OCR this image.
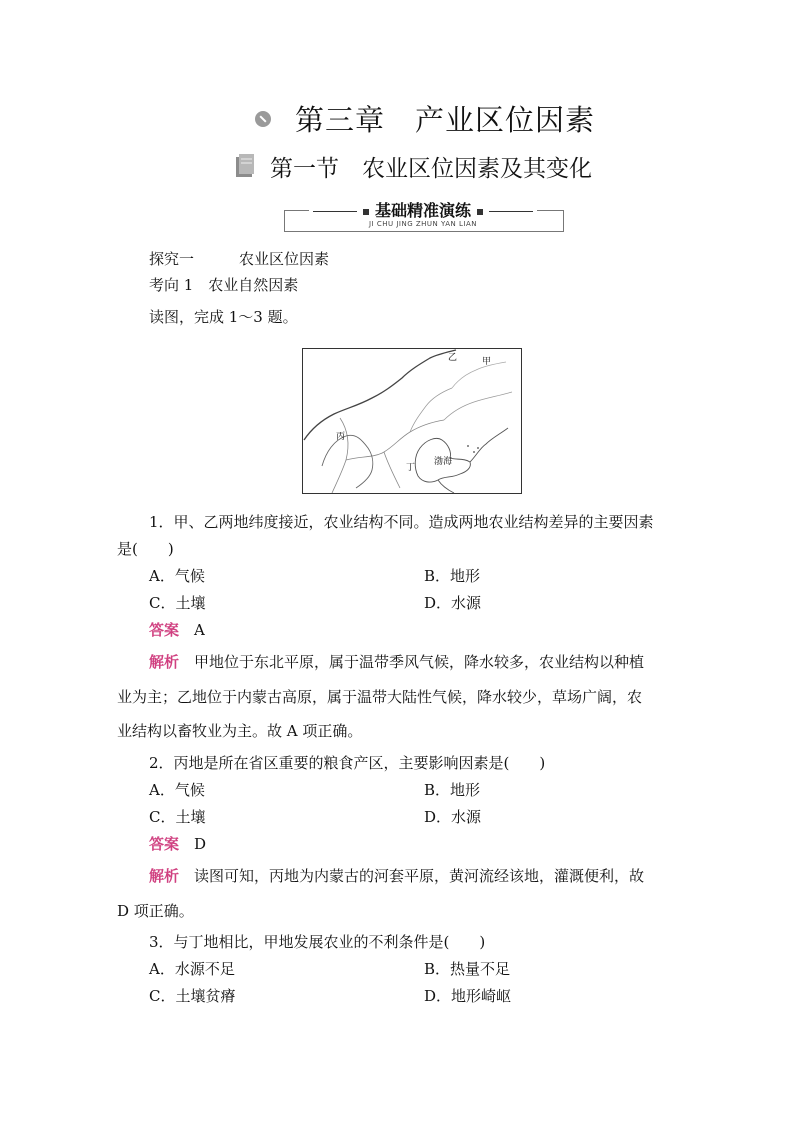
第三章　产业区位因素
第一节　农业区位因素及其变化
基础精准演练
JI CHU JING ZHUN YAN LIAN
探究一　　　农业区位因素
考向 1　农业自然因素
读图，完成 1～3 题。
乙	甲
丙
丁
渤海
1．甲、乙两地纬度接近，农业结构不同。造成两地农业结构差异的主要因素
是(　　)
A．气候	B．地形
C．土壤	D．水源
答案　 A
解析　 甲地位于东北平原，属于温带季风气候，降水较多，农业结构以种植
业为主；乙地位于内蒙古高原，属于温带大陆性气候，降水较少，草场广阔，农
业结构以畜牧业为主。故 A 项正确。
2．丙地是所在省区重要的粮食产区，主要影响因素是(　　)
A．气候	B．地形
C．土壤	D．水源
答案　 D
解析　 读图可知，丙地为内蒙古的河套平原，黄河流经该地，灌溉便利，故
D 项正确。
3．与丁地相比，甲地发展农业的不利条件是(　　)
A．水源不足	B．热量不足
C．土壤贫瘠	D．地形崎岖
